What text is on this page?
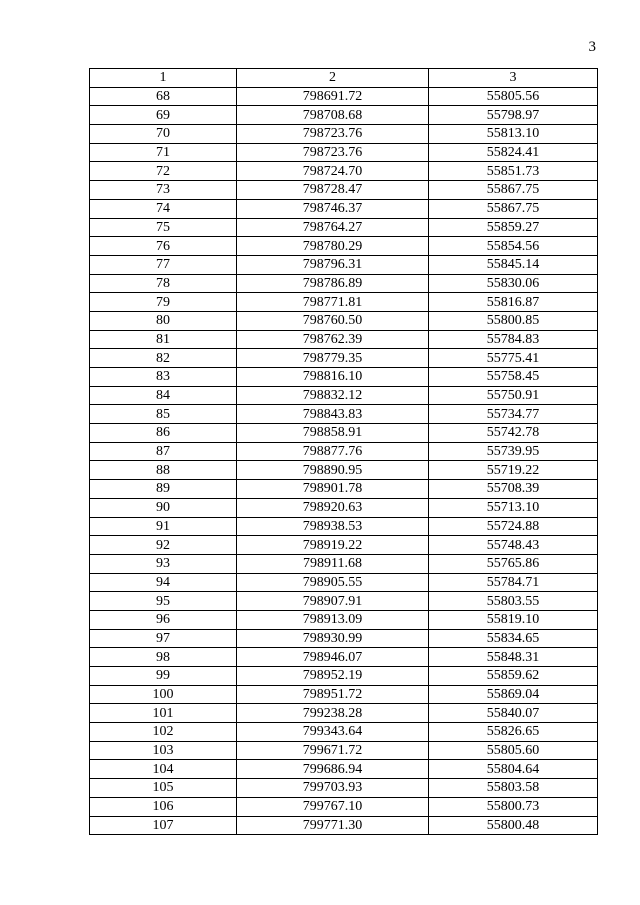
3
1	2	3
68	798691.72	55805.56
69	798708.68	55798.97
70	798723.76	55813.10
71	798723.76	55824.41
72	798724.70	55851.73
73	798728.47	55867.75
74	798746.37	55867.75
75	798764.27	55859.27
76	798780.29	55854.56
77	798796.31	55845.14
78	798786.89	55830.06
79	798771.81	55816.87
80	798760.50	55800.85
81	798762.39	55784.83
82	798779.35	55775.41
83	798816.10	55758.45
84	798832.12	55750.91
85	798843.83	55734.77
86	798858.91	55742.78
87	798877.76	55739.95
88	798890.95	55719.22
89	798901.78	55708.39
90	798920.63	55713.10
91	798938.53	55724.88
92	798919.22	55748.43
93	798911.68	55765.86
94	798905.55	55784.71
95	798907.91	55803.55
96	798913.09	55819.10
97	798930.99	55834.65
98	798946.07	55848.31
99	798952.19	55859.62
100	798951.72	55869.04
101	799238.28	55840.07
102	799343.64	55826.65
103	799671.72	55805.60
104	799686.94	55804.64
105	799703.93	55803.58
106	799767.10	55800.73
107	799771.30	55800.48
